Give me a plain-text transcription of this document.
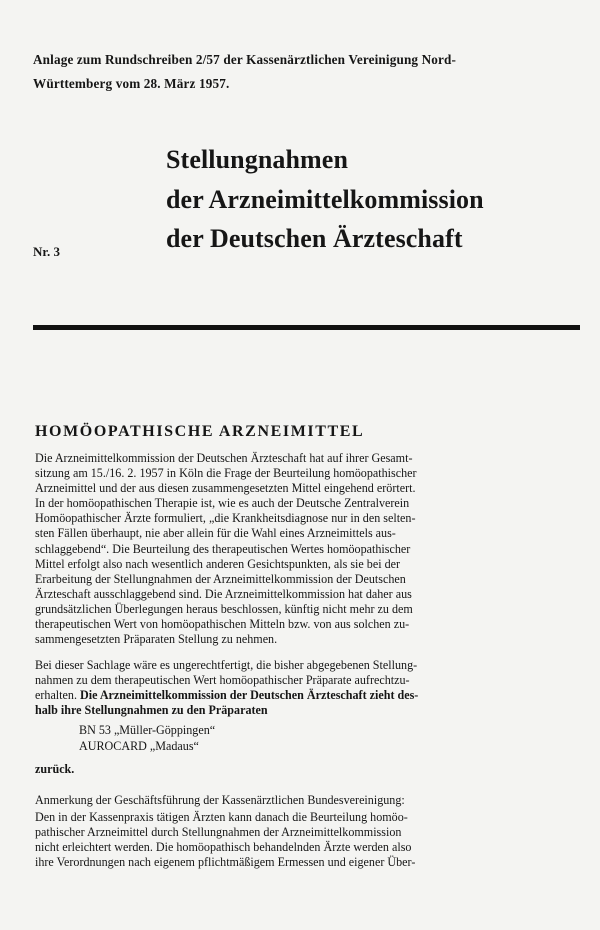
Anlage zum Rundschreiben 2/57 der Kassenärztlichen Vereinigung Nord-
Württemberg vom 28. März 1957.
Stellungnahmen
der Arzneimittelkommission
der Deutschen Ärzteschaft
Nr. 3
HOMÖOPATHISCHE ARZNEIMITTEL
Die Arzneimittelkommission der Deutschen Ärzteschaft hat auf ihrer Gesamt-
sitzung am 15./16. 2. 1957 in Köln die Frage der Beurteilung homöopathischer
Arzneimittel und der aus diesen zusammengesetzten Mittel eingehend erörtert.
In der homöopathischen Therapie ist, wie es auch der Deutsche Zentralverein
Homöopathischer Ärzte formuliert, „die Krankheitsdiagnose nur in den selten-
sten Fällen überhaupt, nie aber allein für die Wahl eines Arzneimittels aus-
schlaggebend“. Die Beurteilung des therapeutischen Wertes homöopathischer
Mittel erfolgt also nach wesentlich anderen Gesichtspunkten, als sie bei der
Erarbeitung der Stellungnahmen der Arzneimittelkommission der Deutschen
Ärzteschaft ausschlaggebend sind. Die Arzneimittelkommission hat daher aus
grundsätzlichen Überlegungen heraus beschlossen, künftig nicht mehr zu dem
therapeutischen Wert von homöopathischen Mitteln bzw. von aus solchen zu-
sammengesetzten Präparaten Stellung zu nehmen.
Bei dieser Sachlage wäre es ungerechtfertigt, die bisher abgegebenen Stellung-
nahmen zu dem therapeutischen Wert homöopathischer Präparate aufrechtzu-
erhalten. Die Arzneimittelkommission der Deutschen Ärzteschaft zieht des-
halb ihre Stellungnahmen zu den Präparaten
BN 53 „Müller-Göppingen“
AUROCARD „Madaus“
zurück.
Anmerkung der Geschäftsführung der Kassenärztlichen Bundesvereinigung:
Den in der Kassenpraxis tätigen Ärzten kann danach die Beurteilung homöo-
pathischer Arzneimittel durch Stellungnahmen der Arzneimittelkommission
nicht erleichtert werden. Die homöopathisch behandelnden Ärzte werden also
ihre Verordnungen nach eigenem pflichtmäßigem Ermessen und eigener Über-
